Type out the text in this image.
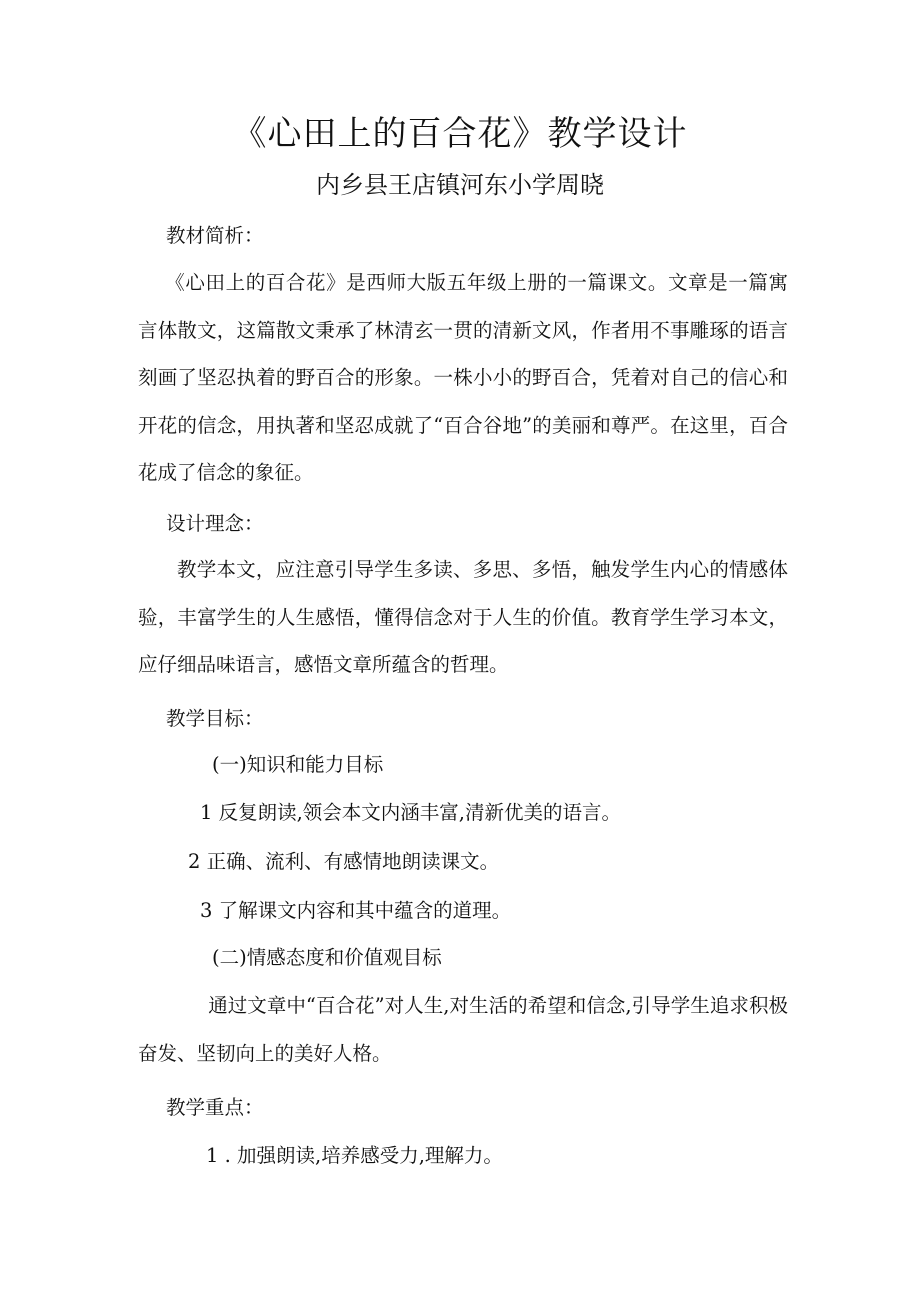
《心田上的百合花》教学设计
内乡县王店镇河东小学周晓
教材简析：
《心田上的百合花》是西师大版五年级上册的一篇课文。文章是一篇寓言体散文，这篇散文秉承了林清玄一贯的清新文风，作者用不事雕琢的语言刻画了坚忍执着的野百合的形象。一株小小的野百合，凭着对自己的信心和开花的信念，用执著和坚忍成就了“百合谷地”的美丽和尊严。在这里，百合花成了信念的象征。
设计理念：
教学本文，应注意引导学生多读、多思、多悟，触发学生内心的情感体验，丰富学生的人生感悟，懂得信念对于人生的价值。教育学生学习本文，应仔细品味语言，感悟文章所蕴含的哲理。
教学目标：
(一)知识和能力目标
1 反复朗读,领会本文内涵丰富,清新优美的语言。
2 正确、流利、有感情地朗读课文。
3 了解课文内容和其中蕴含的道理。
(二)情感态度和价值观目标
通过文章中“百合花”对人生,对生活的希望和信念,引导学生追求积极奋发、坚韧向上的美好人格。
教学重点：
1 . 加强朗读,培养感受力,理解力。
